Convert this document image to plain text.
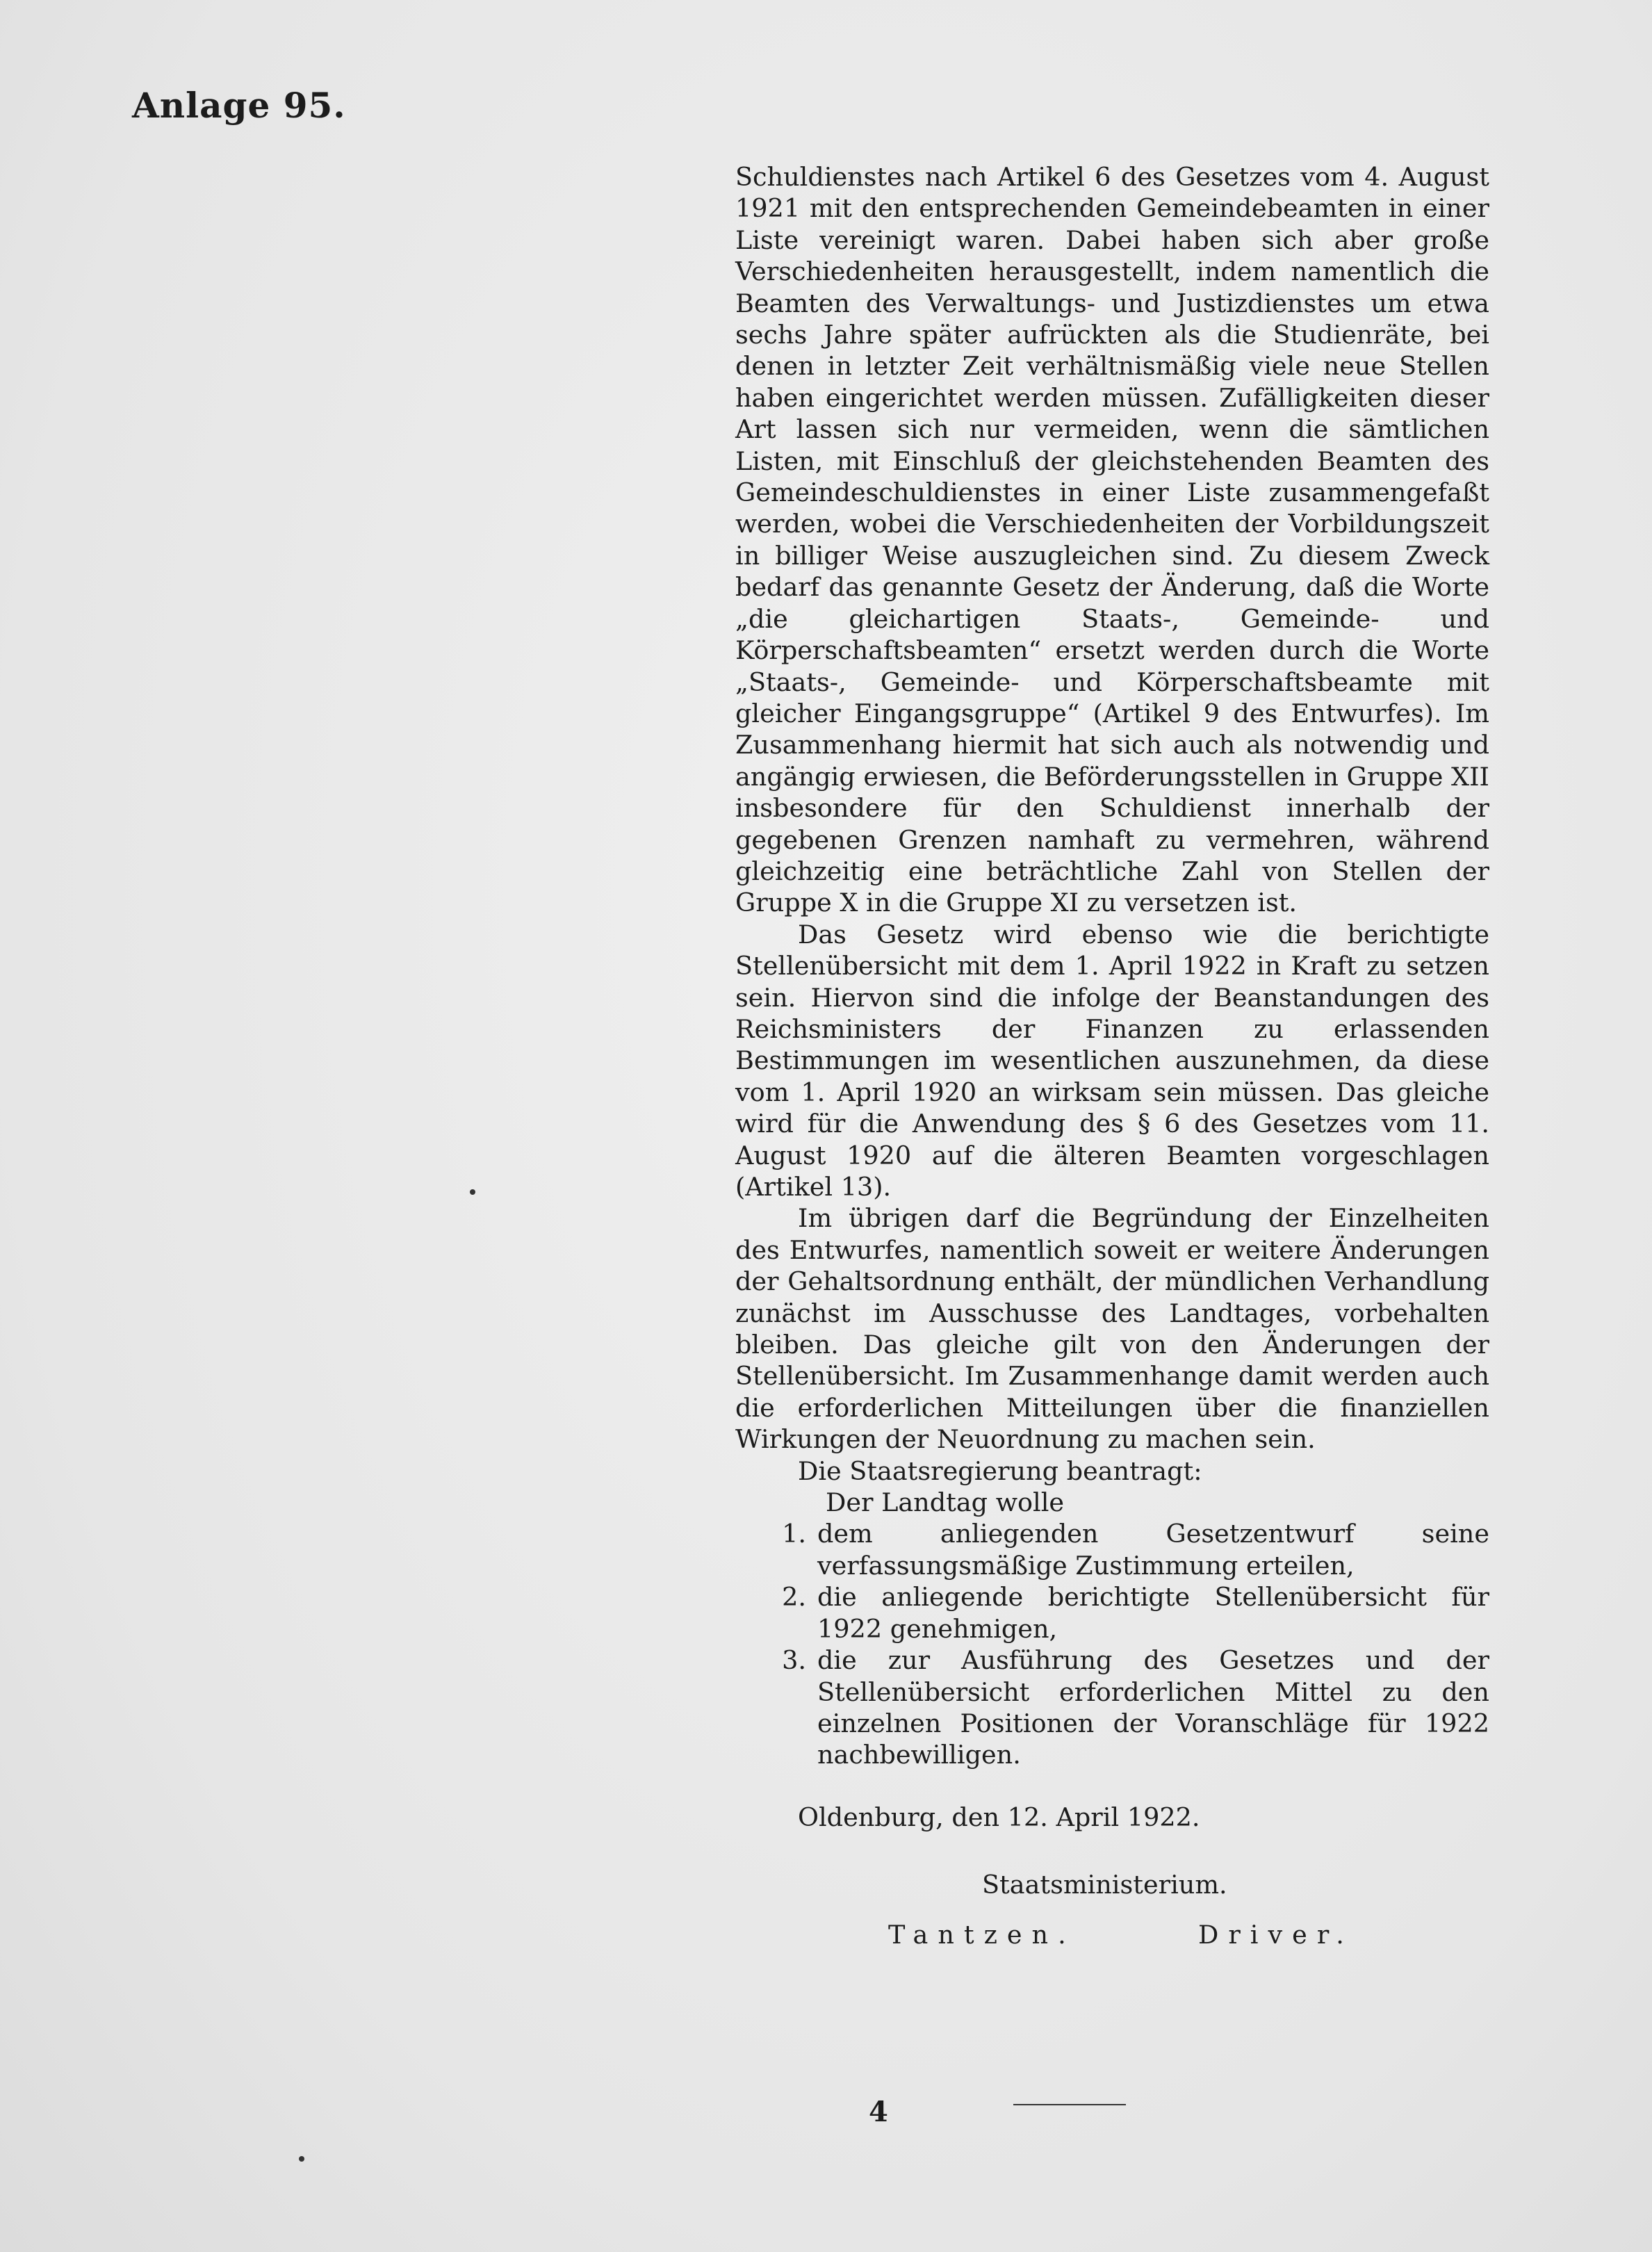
Anlage 95.

Schuldienstes nach Artikel 6 des Gesetzes vom 4. August 1921 mit den entsprechenden Gemeindebeamten in einer Liste vereinigt waren. Dabei haben sich aber große Verschiedenheiten herausgestellt, indem namentlich die Beamten des Verwaltungs- und Justizdienstes um etwa sechs Jahre später aufrückten als die Studienräte, bei denen in letzter Zeit verhältnismäßig viele neue Stellen haben eingerichtet werden müssen. Zufälligkeiten dieser Art lassen sich nur vermeiden, wenn die sämtlichen Listen, mit Einschluß der gleichstehenden Beamten des Gemeindeschuldienstes in einer Liste zusammengefaßt werden, wobei die Verschiedenheiten der Vorbildungszeit in billiger Weise auszugleichen sind. Zu diesem Zweck bedarf das genannte Gesetz der Änderung, daß die Worte „die gleichartigen Staats-, Gemeinde- und Körperschaftsbeamten“ ersetzt werden durch die Worte „Staats-, Gemeinde- und Körperschaftsbeamte mit gleicher Eingangsgruppe“ (Artikel 9 des Entwurfes). Im Zusammenhang hiermit hat sich auch als notwendig und angängig erwiesen, die Beförderungsstellen in Gruppe XII insbesondere für den Schuldienst innerhalb der gegebenen Grenzen namhaft zu vermehren, während gleichzeitig eine beträchtliche Zahl von Stellen der Gruppe X in die Gruppe XI zu versetzen ist.

Das Gesetz wird ebenso wie die berichtigte Stellenübersicht mit dem 1. April 1922 in Kraft zu setzen sein. Hiervon sind die infolge der Beanstandungen des Reichsministers der Finanzen zu erlassenden Bestimmungen im wesentlichen auszunehmen, da diese vom 1. April 1920 an wirksam sein müssen. Das gleiche wird für die Anwendung des § 6 des Gesetzes vom 11. August 1920 auf die älteren Beamten vorgeschlagen (Artikel 13).

Im übrigen darf die Begründung der Einzelheiten des Entwurfes, namentlich soweit er weitere Änderungen der Gehaltsordnung enthält, der mündlichen Verhandlung zunächst im Ausschusse des Landtages, vorbehalten bleiben. Das gleiche gilt von den Änderungen der Stellenübersicht. Im Zusammenhange damit werden auch die erforderlichen Mitteilungen über die finanziellen Wirkungen der Neuordnung zu machen sein.

Die Staatsregierung beantragt:

Der Landtag wolle

1. dem anliegenden Gesetzentwurf seine verfassungsmäßige Zustimmung erteilen,
2. die anliegende berichtigte Stellenübersicht für 1922 genehmigen,
3. die zur Ausführung des Gesetzes und der Stellenübersicht erforderlichen Mittel zu den einzelnen Positionen der Voranschläge für 1922 nachbewilligen.

Oldenburg, den 12. April 1922.

Staatsministerium.

Tantzen.	Driver.
4
